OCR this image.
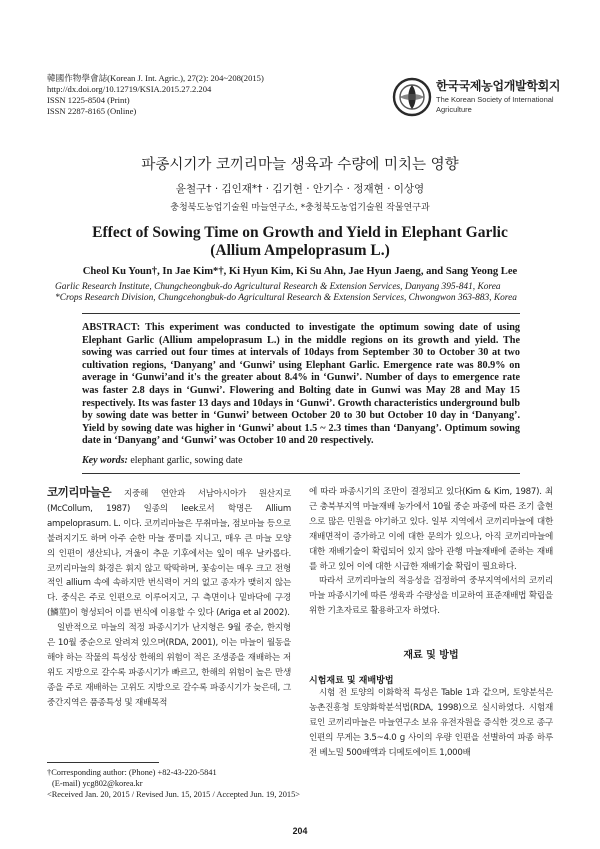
韓國作物學會誌(Korean J. Int. Agric.), 27(2): 204~208(2015)
http://dx.doi.org/10.12719/KSIA.2015.27.2.204
ISSN 1225-8504 (Print)
ISSN 2287-8165 (Online)
한국국제농업개발학회지
The Korean Society of International Agriculture
파종시기가 코끼리마늘 생육과 수량에 미치는 영향
윤철구† · 김인재*† · 김기현 · 안기수 · 정재현 · 이상영
충청북도농업기술원 마늘연구소, *충청북도농업기술원 작물연구과
Effect of Sowing Time on Growth and Yield in Elephant Garlic
(Allium Ampeloprasum L.)
Cheol Ku Youn†, In Jae Kim*†, Ki Hyun Kim, Ki Su Ahn, Jae Hyun Jaeng, and Sang Yeong Lee
Garlic Research Institute, Chungcheongbuk-do Agricultural Research & Extension Services, Danyang 395-841, Korea
*Crops Research Division, Chungcehongbuk-do Agricultural Research & Extension Services, Chwongwon 363-883, Korea
ABSTRACT: This experiment was conducted to investigate the optimum sowing date of using Elephant Garlic (Allium ampeloprasum L.) in the middle regions on its growth and yield. The sowing was carried out four times at intervals of 10days from September 30 to October 30 at two cultivation regions, ‘Danyang’ and ‘Gunwi’ using Elephant Garlic. Emergence rate was 80.9% on average in ‘Gunwi’and it's the greater about 8.4% in ‘Gunwi’. Number of days to emergence rate was faster 2.8 days in ‘Gunwi’. Flowering and Bolting date in Gunwi was May 28 and May 15 respectively. Its was faster 13 days and 10days in ‘Gunwi’. Growth characteristics underground bulb by sowing date was better in ‘Gunwi’ between October 20 to 30 but October 10 day in ‘Danyang’. Yield by sowing date was higher in ‘Gunwi’ about 1.5 ~ 2.3 times than ‘Danyang’. Optimum sowing date in ‘Danyang’ and ‘Gunwi’ was October 10 and 20 respectively.
Key words: elephant garlic, sowing date

코끼리마늘은 지중해 연안과 서남아시아가 원산지로 (McCollum, 1987) 일종의 leek로서 학명은 Allium ampeloprasum. L. 이다. 코끼리마늘은 무취마늘, 점보마늘 등으로 불려지기도 하며 아주 순한 마늘 풍미를 지니고, 매우 큰 마늘 모양의 인편이 생산되나, 겨울이 추운 기후에서는 잎이 매우 날카롭다. 코끼리마늘의 화경은 휘지 않고 딱딱하며, 꽃송이는 매우 크고 전형적인 allium 속에 속하지만 번식력이 거의 없고 종자가 맺히지 않는다. 중식은 주로 인편으로 이루어지고, 구 측면이나 밑바닥에 구경(鱗莖)이 형성되어 이를 번식에 이용할 수 있다 (Ariga et al 2002).

일반적으로 마늘의 적정 파종시기가 난지형은 9월 중순, 한지형은 10월 중순으로 알려져 있으며(RDA, 2001), 이는 마늘이 월동을 해야 하는 작물의 특성상 한해의 위험이 적은 조생종을 재배하는 저위도 지방으로 갈수록 파종시기가 빠르고, 한해의 위험이 높은 만생종을 주로 재배하는 고위도 지방으로 갈수록 파종시기가 늦은데, 그 중간지역은 품종특성 및 재배목적

†Corresponding author: (Phone) +82-43-220-5841
(E-mail) ycg802@korea.kr
<Received Jan. 20, 2015 / Revised Jun. 15, 2015 / Accepted Jun. 19, 2015>

에 따라 파종시기의 조만이 결정되고 있다(Kim & Kim, 1987). 최근 충북부지역 마늘재배 농가에서 10월 중순 파종에 따른 조기 출현으로 많은 민원을 야기하고 있다. 일부 지역에서 코끼리마늘에 대한 재배면적이 증가하고 이에 대한 문의가 있으나, 아직 코끼리마늘에 대한 재배기술이 확립되어 있지 않아 관행 마늘재배에 준하는 재배를 하고 있어 이에 대한 시급한 재배기술 확립이 필요하다.

따라서 코끼리마늘의 적응성을 검정하여 중부지역에서의 코끼리마늘 파종시기에 따른 생육과 수량성을 비교하여 표준재배법 확립을 위한 기초자료로 활용하고자 하였다.

재료 및 방법
시험재료 및 재배방법

시험 전 토양의 이화학적 특성은 Table 1과 같으며, 토양분석은 농촌진흥청 토양화학분석법(RDA, 1998)으로 실시하였다. 시험재료인 코끼리마늘은 마늘연구소 보유 유전자원을 증식한 것으로 종구 인편의 무게는 3.5~4.0 g 사이의 우량 인편을 선별하여 파종 하루 전 베노밀 500배액과 디메토에이트 1,000배

204
